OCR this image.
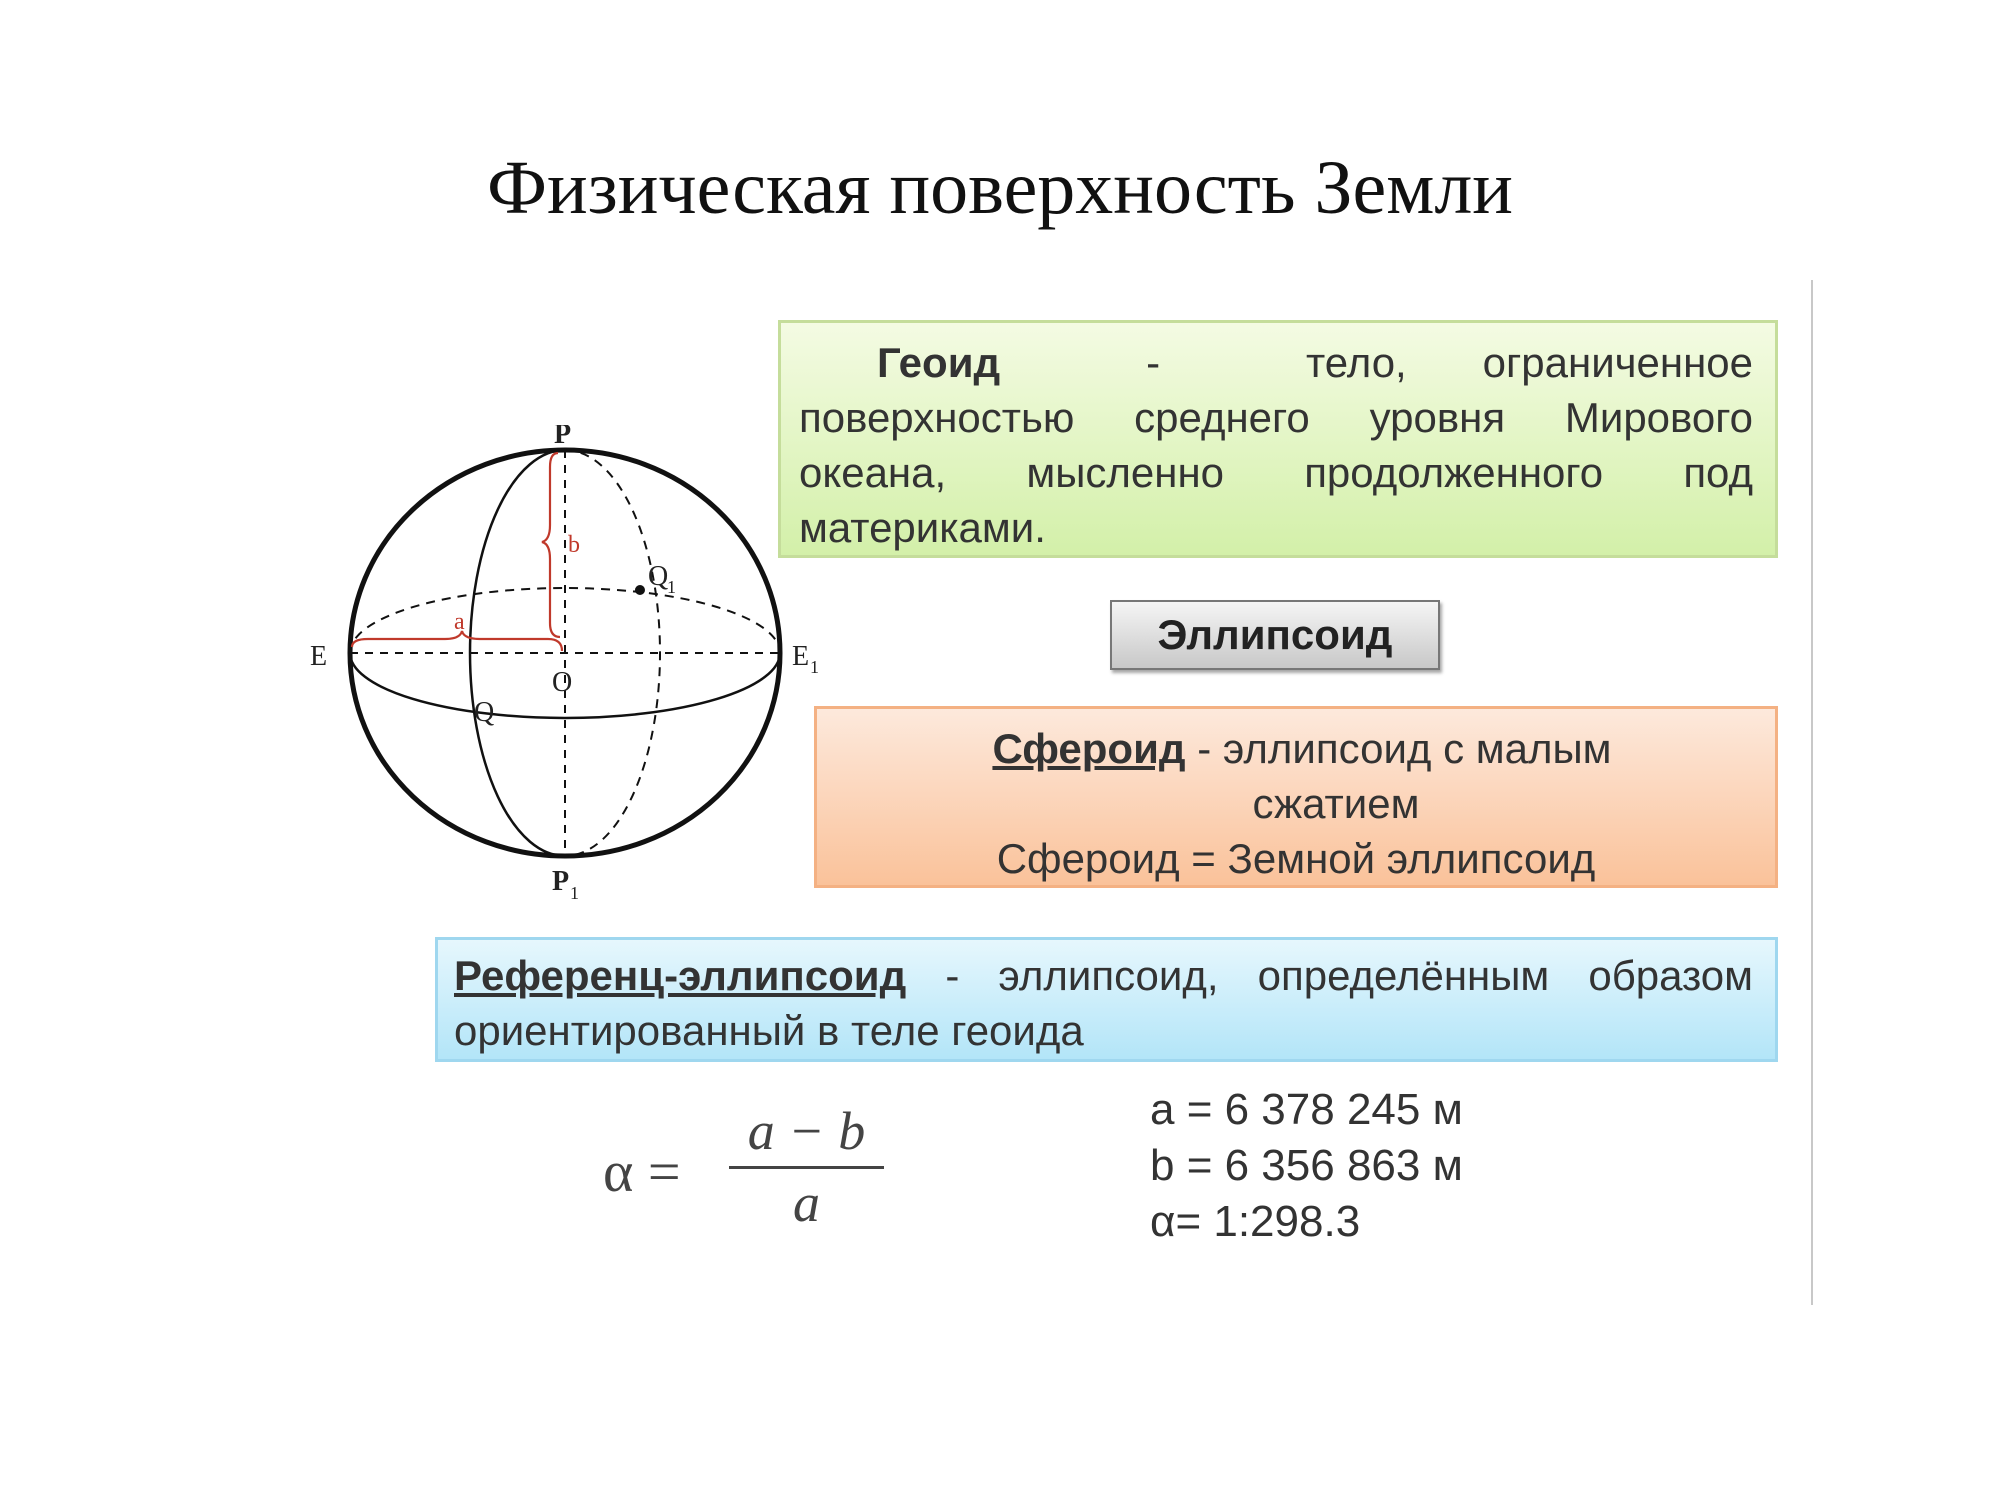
Физическая поверхность Земли
P
P 1
E	E 1
O
Q
Q
1
a
b
Геоид	-	тело, ограниченное поверхностью среднего уровня Мирового океана, мысленно продолженного под материками.
Эллипсоид
Сфероид - эллипсоид с малым
сжатием
Сфероид = Земной эллипсоид
Референц-эллипсоид - эллипсоид, определённым образом ориентированный в теле геоида
α =
a − b
a
a = 6 378 245 м
b = 6 356 863 м
α= 1:298.3
